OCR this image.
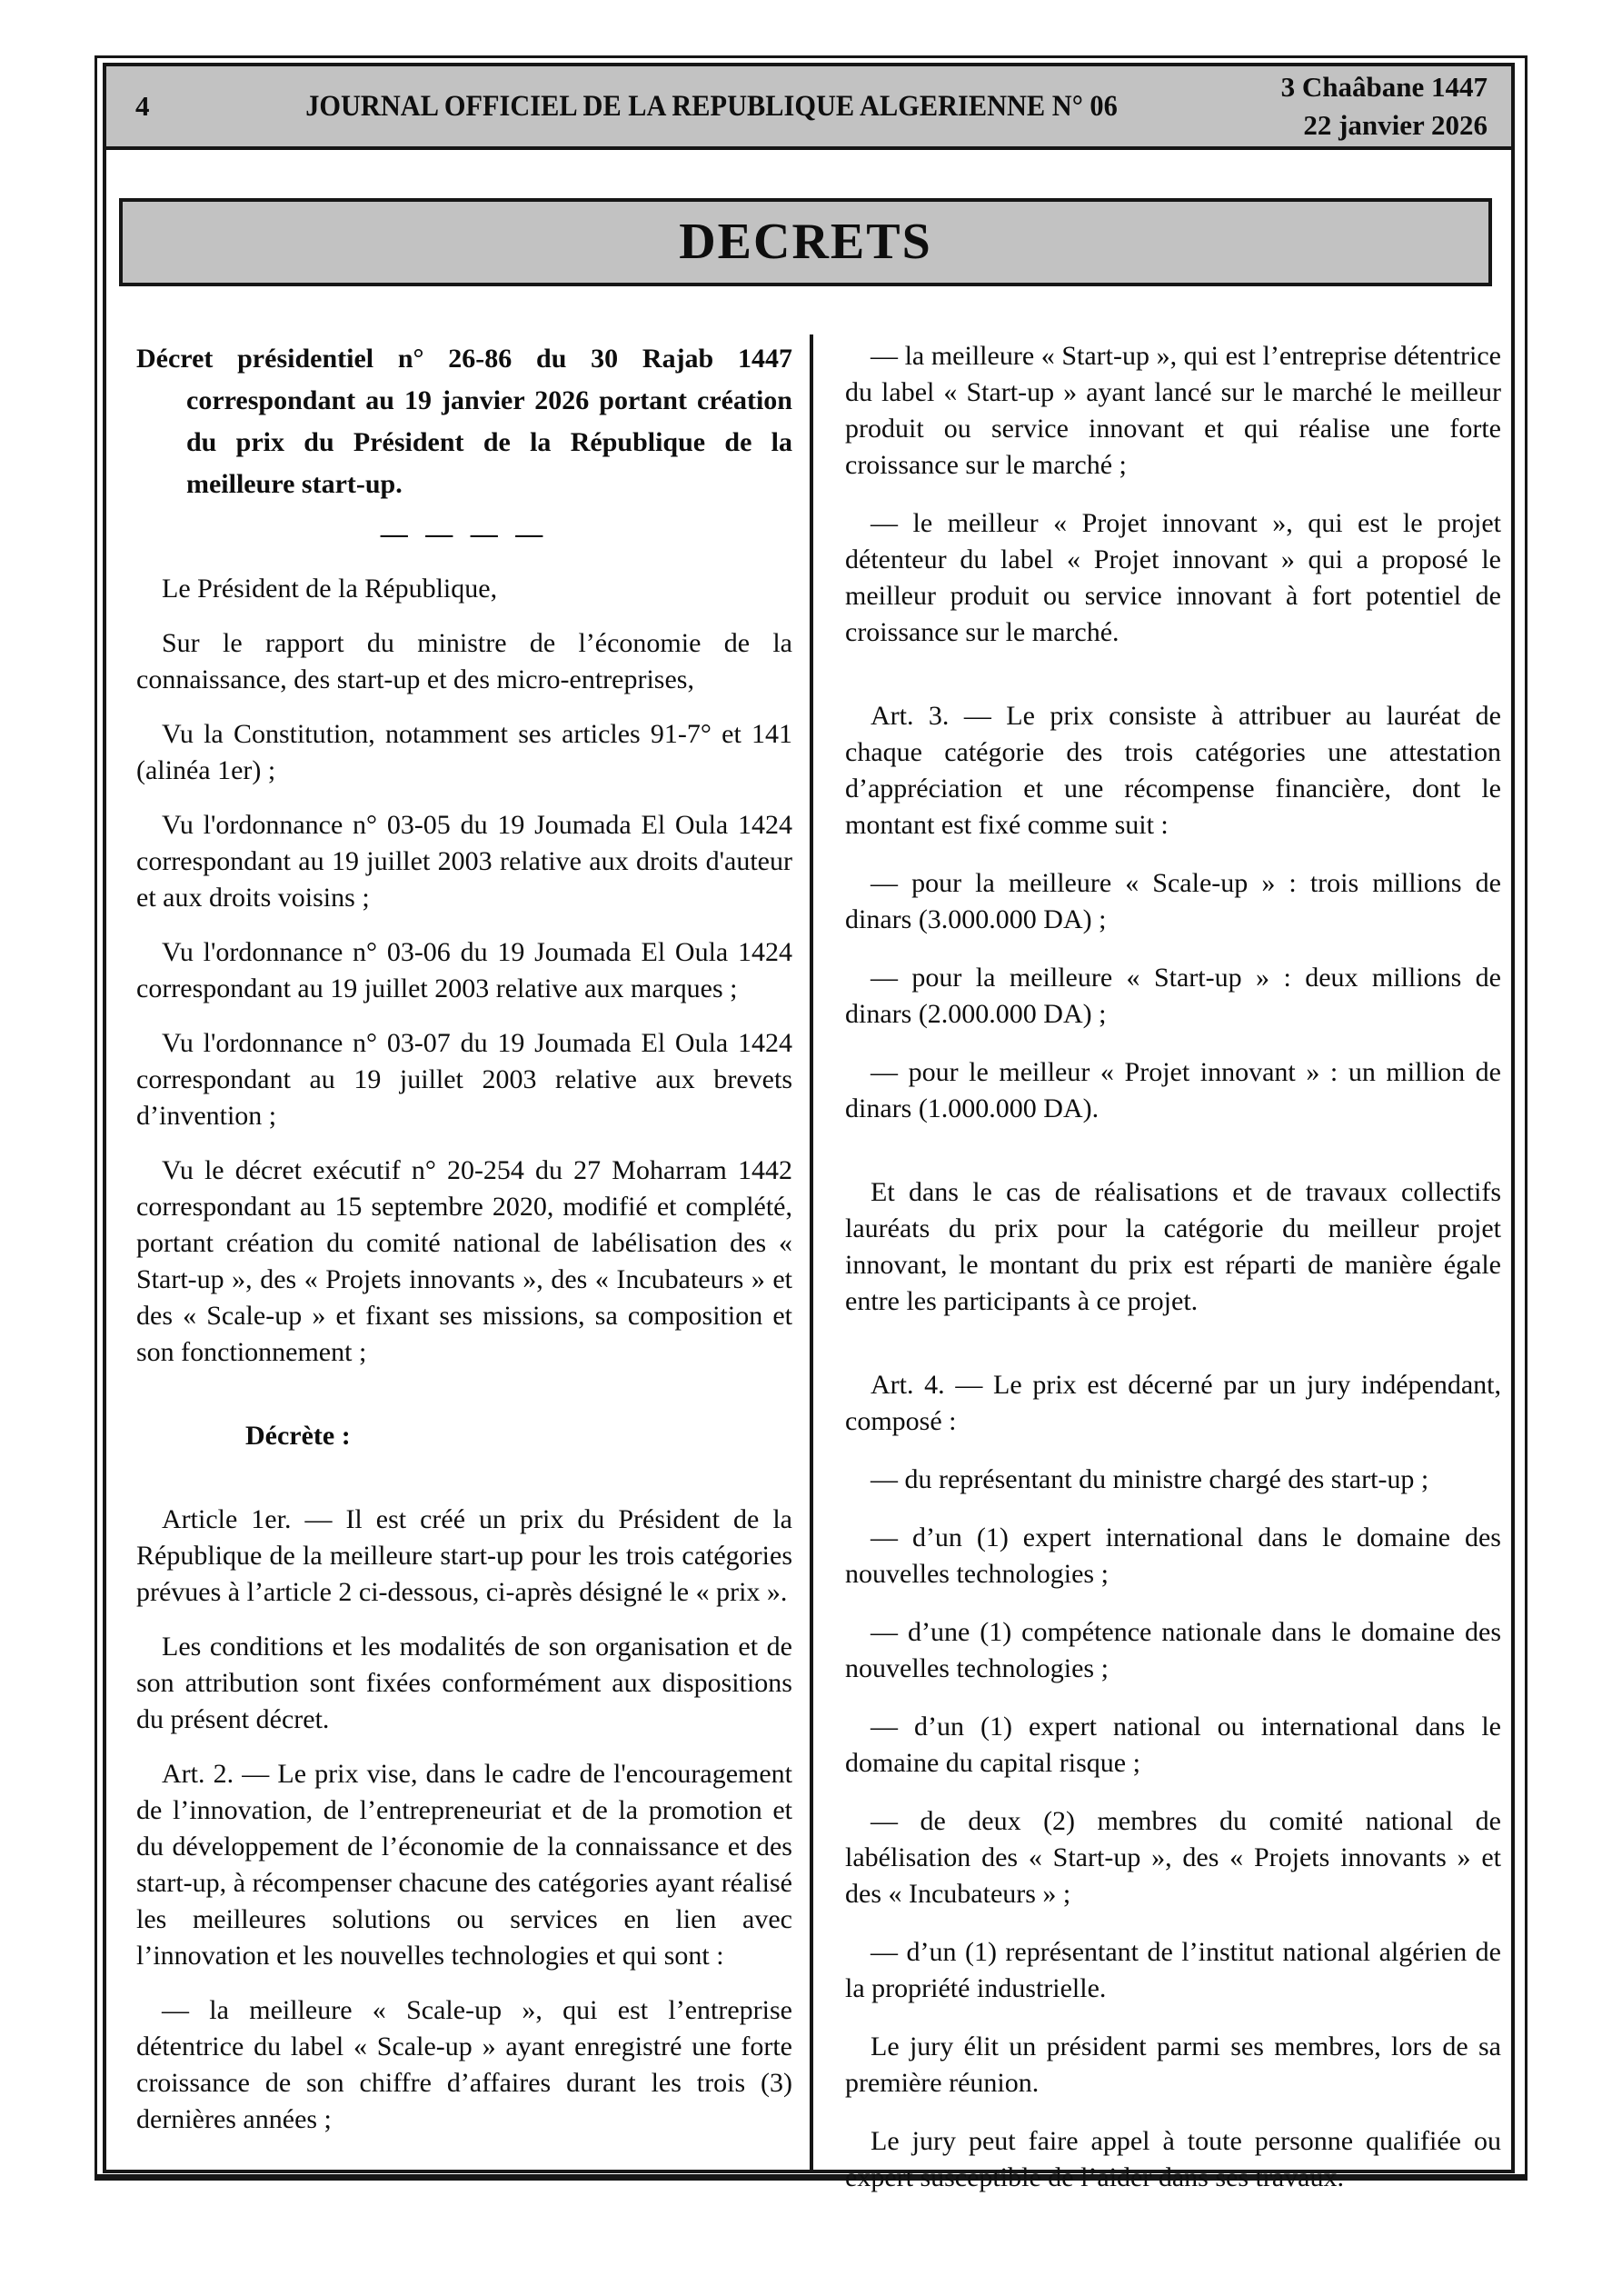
4	JOURNAL OFFICIEL DE LA REPUBLIQUE ALGERIENNE N° 06
3 Chaâbane 1447
22 janvier 2026
DECRETS
Décret présidentiel n° 26-86 du 30 Rajab 1447 correspondant au 19 janvier 2026 portant création du prix du Président de la République de la meilleure start-up.
— — — —

Le Président de la République,

Sur le rapport du ministre de l’économie de la connaissance, des start-up et des micro-entreprises,

Vu la Constitution, notamment ses articles 91-7° et 141 (alinéa 1er) ;

Vu l'ordonnance n° 03-05 du 19 Joumada El Oula 1424 correspondant au 19 juillet 2003 relative aux droits d'auteur et aux droits voisins ;

Vu l'ordonnance n° 03-06 du 19 Joumada El Oula 1424 correspondant au 19 juillet 2003 relative aux marques ;

Vu l'ordonnance n° 03-07 du 19 Joumada El Oula 1424 correspondant au 19 juillet 2003 relative aux brevets d’invention ;

Vu le décret exécutif n° 20-254 du 27 Moharram 1442 correspondant au 15 septembre 2020, modifié et complété, portant création du comité national de labélisation des « Start-up », des « Projets innovants », des « Incubateurs » et des « Scale-up » et fixant ses missions, sa composition et son fonctionnement ;

Décrète :

Article 1er. — Il est créé un prix du Président de la République de la meilleure start-up pour les trois catégories prévues à l’article 2 ci-dessous, ci-après désigné le « prix ».

Les conditions et les modalités de son organisation et de son attribution sont fixées conformément aux dispositions du présent décret.

Art. 2. — Le prix vise, dans le cadre de l'encouragement de l’innovation, de l’entrepreneuriat et de la promotion et du développement de l’économie de la connaissance et des start-up, à récompenser chacune des catégories ayant réalisé les meilleures solutions ou services en lien avec l’innovation et les nouvelles technologies et qui sont :

— la meilleure « Scale-up », qui est l’entreprise détentrice du label « Scale-up » ayant enregistré une forte croissance de son chiffre d’affaires durant les trois (3) dernières années ;

— la meilleure « Start-up », qui est l’entreprise détentrice du label « Start-up » ayant lancé sur le marché le meilleur produit ou service innovant et qui réalise une forte croissance sur le marché ;

— le meilleur « Projet innovant », qui est le projet détenteur du label « Projet innovant » qui a proposé le meilleur produit ou service innovant à fort potentiel de croissance sur le marché.

Art. 3. — Le prix consiste à attribuer au lauréat de chaque catégorie des trois catégories une attestation d’appréciation et une récompense financière, dont le montant est fixé comme suit :

— pour la meilleure « Scale-up » : trois millions de dinars (3.000.000 DA) ;

— pour la meilleure « Start-up » : deux millions de dinars (2.000.000 DA) ;

— pour le meilleur « Projet innovant » : un million de dinars (1.000.000 DA).

Et dans le cas de réalisations et de travaux collectifs lauréats du prix pour la catégorie du meilleur projet innovant, le montant du prix est réparti de manière égale entre les participants à ce projet.

Art. 4. — Le prix est décerné par un jury indépendant, composé :

— du représentant du ministre chargé des start-up ;

— d’un (1) expert international dans le domaine des nouvelles technologies ;

— d’une (1) compétence nationale dans le domaine des nouvelles technologies ;

— d’un (1) expert national ou international dans le domaine du capital risque ;

— de deux (2) membres du comité national de labélisation des « Start-up », des « Projets innovants » et des « Incubateurs » ;

— d’un (1) représentant de l’institut national algérien de la propriété industrielle.

Le jury élit un président parmi ses membres, lors de sa première réunion.

Le jury peut faire appel à toute personne qualifiée ou expert susceptible de l’aider dans ses travaux.
